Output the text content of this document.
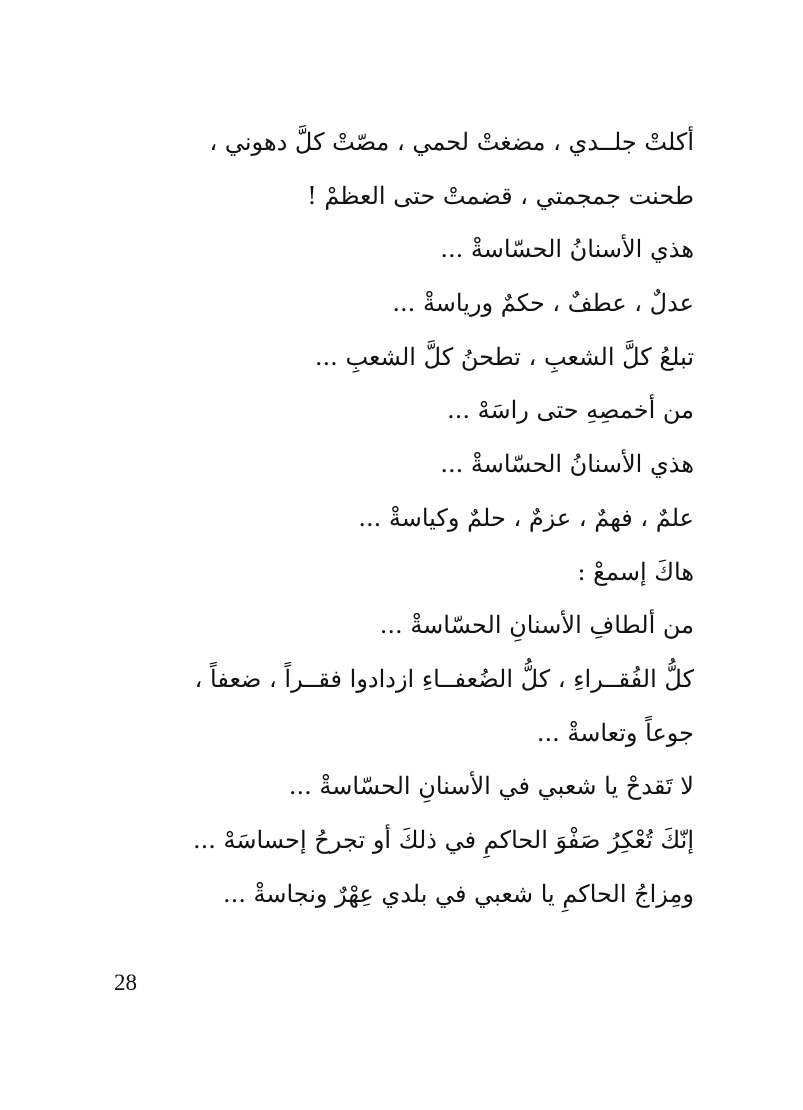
أكلتْ جلــدي ، مضغتْ لحمي ، مصّتْ كلَّ دهوني ،
طحنت جمجمتي ، قضمتْ حتى العظمْ !
هذي الأسنانُ الحسّاسةْ ...
عدلٌ ، عطفٌ ، حكمٌ ورياسةْ ...
تبلعُ كلَّ الشعبِ ، تطحنُ كلَّ الشعبِ ...
من أخمصِهِ حتى راسَهْ ...
هذي الأسنانُ الحسّاسةْ ...
علمٌ ، فهمٌ ، عزمٌ ، حلمٌ وكياسةْ ...
هاكَ إسمعْ :
من ألطافِ الأسنانِ الحسّاسةْ ...
كلُّ الفُقــراءِ ، كلُّ الضُعفــاءِ ازدادوا فقــراً ، ضعفاً ،
جوعاً وتعاسةْ ...
لا تَقدحْ يا شعبي في الأسنانِ الحسّاسةْ ...
إنّكَ تُعْكِرُ صَفْوَ الحاكمِ في ذلكَ أو تجرحُ إحساسَهْ ...
ومِزاجُ الحاكمِ يا شعبي في بلدي عِهْرٌ ونجاسةْ ...
28
